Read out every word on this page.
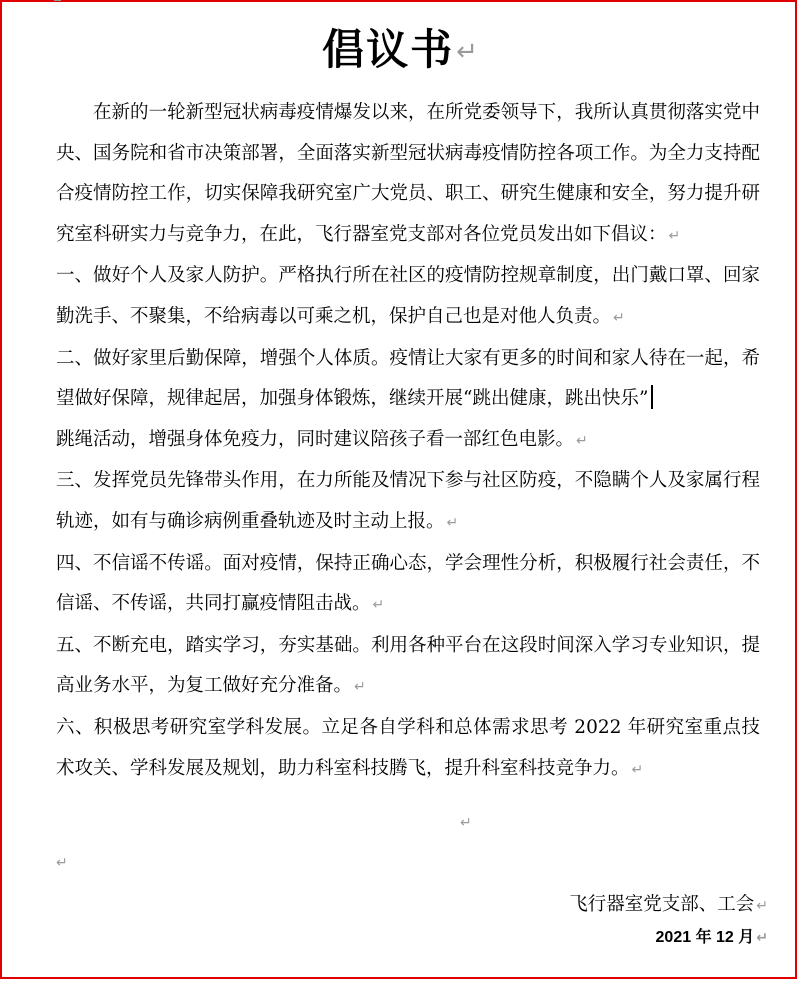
倡议书↵

在新的一轮新型冠状病毒疫情爆发以来，在所党委领导下，我所认真贯彻落实党中央、国务院和省市决策部署，全面落实新型冠状病毒疫情防控各项工作。为全力支持配合疫情防控工作，切实保障我研究室广大党员、职工、研究生健康和安全，努力提升研究室科研实力与竞争力，在此，飞行器室党支部对各位党员发出如下倡议： ↵

一、做好个人及家人防护。严格执行所在社区的疫情防控规章制度，出门戴口罩、回家勤洗手、不聚集，不给病毒以可乘之机，保护自己也是对他人负责。 ↵

二、做好家里后勤保障，增强个人体质。疫情让大家有更多的时间和家人待在一起，希望做好保障，规律起居，加强身体锻炼，继续开展“跳出健康，跳出快乐”

跳绳活动，增强身体免疫力，同时建议陪孩子看一部红色电影。 ↵

三、发挥党员先锋带头作用，在力所能及情况下参与社区防疫，不隐瞒个人及家属行程轨迹，如有与确诊病例重叠轨迹及时主动上报。 ↵

四、不信谣不传谣。面对疫情，保持正确心态，学会理性分析，积极履行社会责任，不信谣、不传谣，共同打赢疫情阻击战。 ↵

五、不断充电，踏实学习，夯实基础。利用各种平台在这段时间深入学习专业知识，提高业务水平，为复工做好充分准备。 ↵

六、积极思考研究室学科发展。立足各自学科和总体需求思考 2022 年研究室重点技术攻关、学科发展及规划，助力科室科技腾飞，提升科室科技竞争力。 ↵

↵
↵
飞行器室党支部、工会 ↵
2021 年 12 月 ↵
